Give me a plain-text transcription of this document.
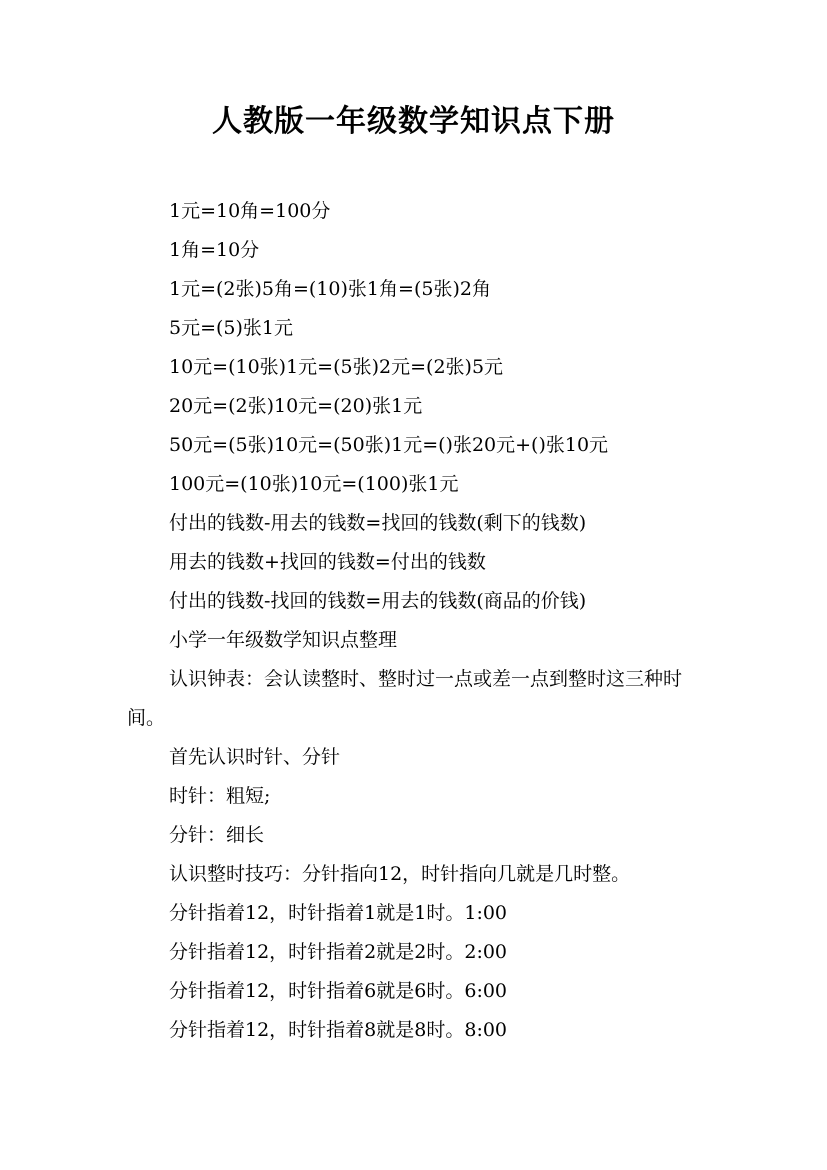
人教版一年级数学知识点下册

1元=10角=100分

1角=10分

1元=(2张)5角=(10)张1角=(5张)2角

5元=(5)张1元

10元=(10张)1元=(5张)2元=(2张)5元

20元=(2张)10元=(20)张1元

50元=(5张)10元=(50张)1元=()张20元+()张10元

100元=(10张)10元=(100)张1元

付出的钱数-用去的钱数=找回的钱数(剩下的钱数)

用去的钱数+找回的钱数=付出的钱数

付出的钱数-找回的钱数=用去的钱数(商品的价钱)

小学一年级数学知识点整理

认识钟表：会认读整时、整时过一点或差一点到整时这三种时间。

首先认识时针、分针

时针：粗短;

分针：细长

认识整时技巧：分针指向12，时针指向几就是几时整。

分针指着12，时针指着1就是1时。1:00

分针指着12，时针指着2就是2时。2:00

分针指着12，时针指着6就是6时。6:00

分针指着12，时针指着8就是8时。8:00
